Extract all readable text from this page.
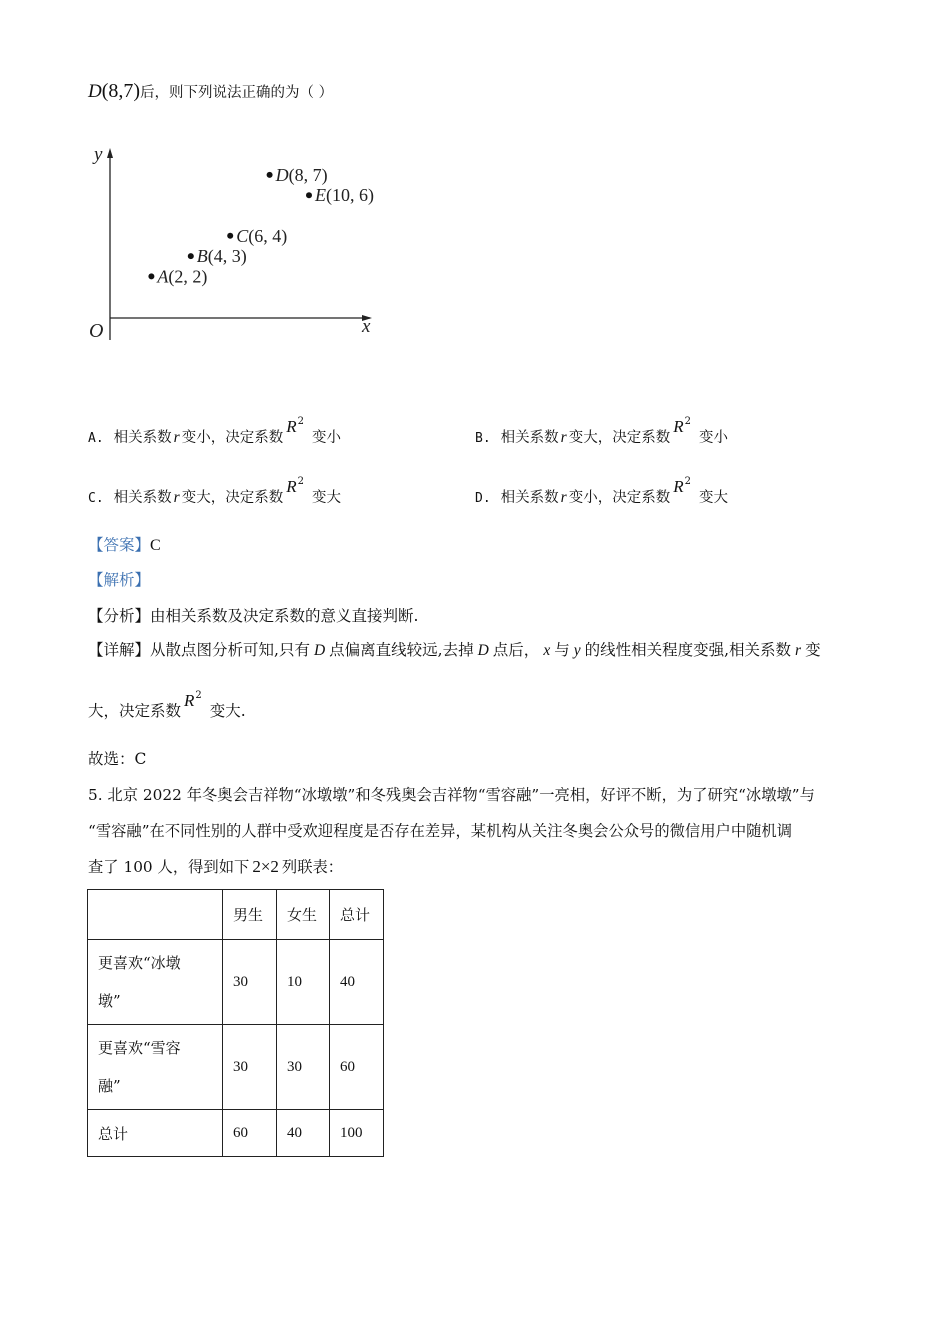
D(8,7)后，则下列说法正确的为（ ）
x
y
O
A(2, 2)
B(4, 3)
C(6, 4)
D(8, 7)
E(10, 6)
A. 相关系数 r 变小，决定系数$R^2$变小	B. 相关系数 r 变大，决定系数$R^2$变小
C. 相关系数 r 变大，决定系数$R^2$变大	D. 相关系数 r 变小，决定系数$R^2$变大
【答案】C
【解析】
【分析】由相关系数及决定系数的意义直接判断.
【详解】从散点图分析可知,只有 D 点偏离直线较远,去掉 D 点后， x 与 y 的线性相关程度变强,相关系数 r 变
大，决定系数$R^2$变大.
故选：C
5. 北京 2022 年冬奥会吉祥物“冰墩墩”和冬残奥会吉祥物“雪容融”一亮相，好评不断，为了研究“冰墩墩”与
“雪容融”在不同性别的人群中受欢迎程度是否存在差异，某机构从关注冬奥会公众号的微信用户中随机调
查了 100 人，得到如下 2×2 列联表：
	男生	女生	总计
更喜欢“冰墩
墩”	30	10	40
更喜欢“雪容
融”	30	30	60
总计	60	40	100
